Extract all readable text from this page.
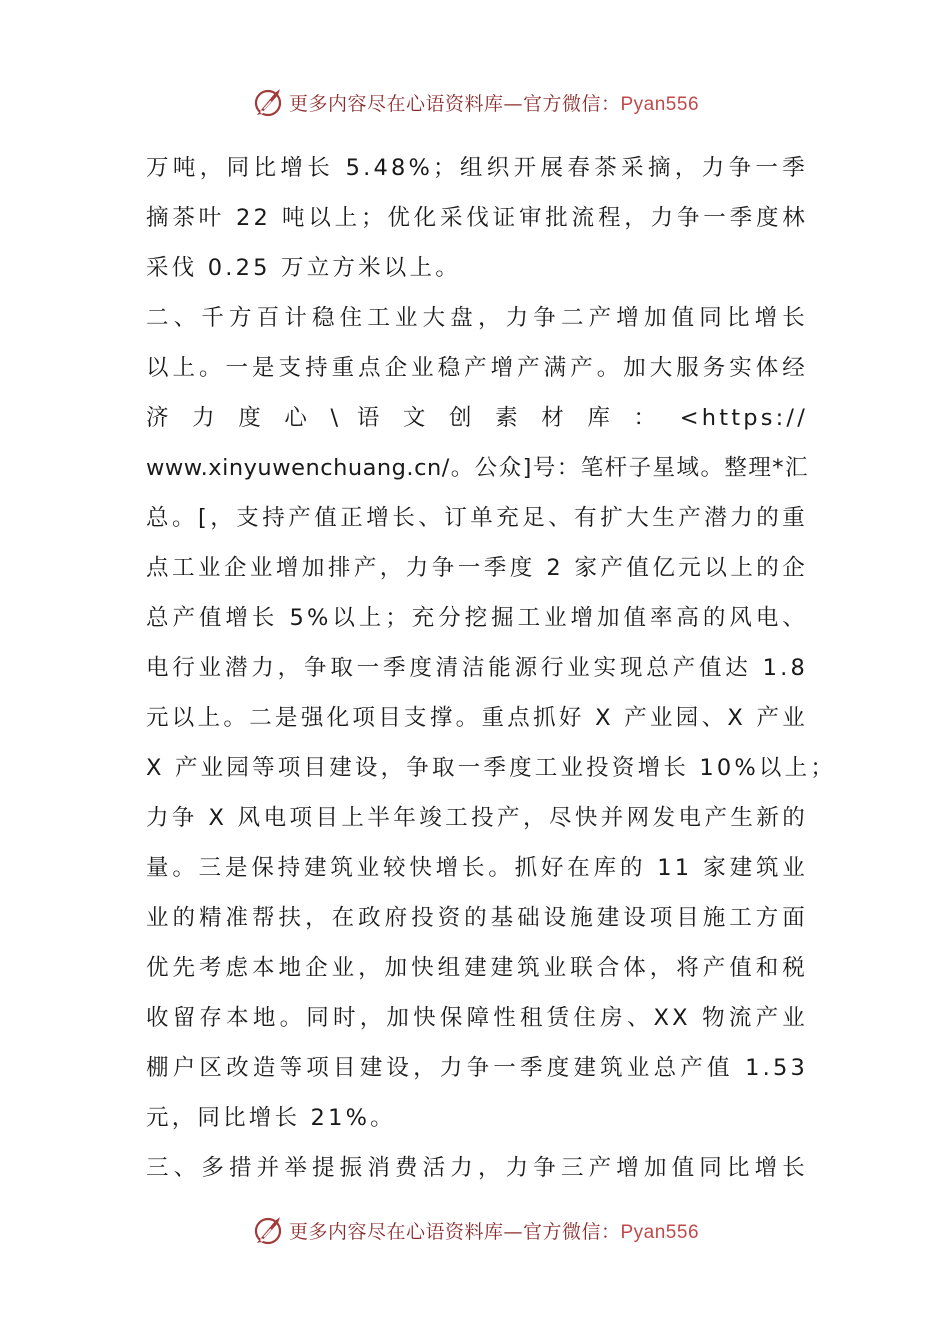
更多内容尽在心语资料库—官方微信：Pyan556
万吨，同比增长 5.48%；组织开展春茶采摘，力争一季
摘茶叶 22 吨以上；优化采伐证审批流程，力争一季度林
采伐 0.25 万立方米以上。
二、千方百计稳住工业大盘，力争二产增加值同比增长
以上。一是支持重点企业稳产增产满产。加大服务实体经
济 力 度 心 \ 语 文 创 素 材 库 ： <https://
www.xinyuwenchuang.cn/。公众]号：笔杆子星域。整理*汇
总。[，支持产值正增长、订单充足、有扩大生产潜力的重
点工业企业增加排产，力争一季度 2 家产值亿元以上的企
总产值增长 5%以上；充分挖掘工业增加值率高的风电、
电行业潜力，争取一季度清洁能源行业实现总产值达 1.8
元以上。二是强化项目支撑。重点抓好 X 产业园、X 产业
X 产业园等项目建设，争取一季度工业投资增长 10%以上；
力争 X 风电项目上半年竣工投产，尽快并网发电产生新的
量。三是保持建筑业较快增长。抓好在库的 11 家建筑业
业的精准帮扶，在政府投资的基础设施建设项目施工方面
优先考虑本地企业，加快组建建筑业联合体，将产值和税
收留存本地。同时，加快保障性租赁住房、XX 物流产业
棚户区改造等项目建设，力争一季度建筑业总产值 1.53
元，同比增长 21%。
三、多措并举提振消费活力，力争三产增加值同比增长
更多内容尽在心语资料库—官方微信：Pyan556
